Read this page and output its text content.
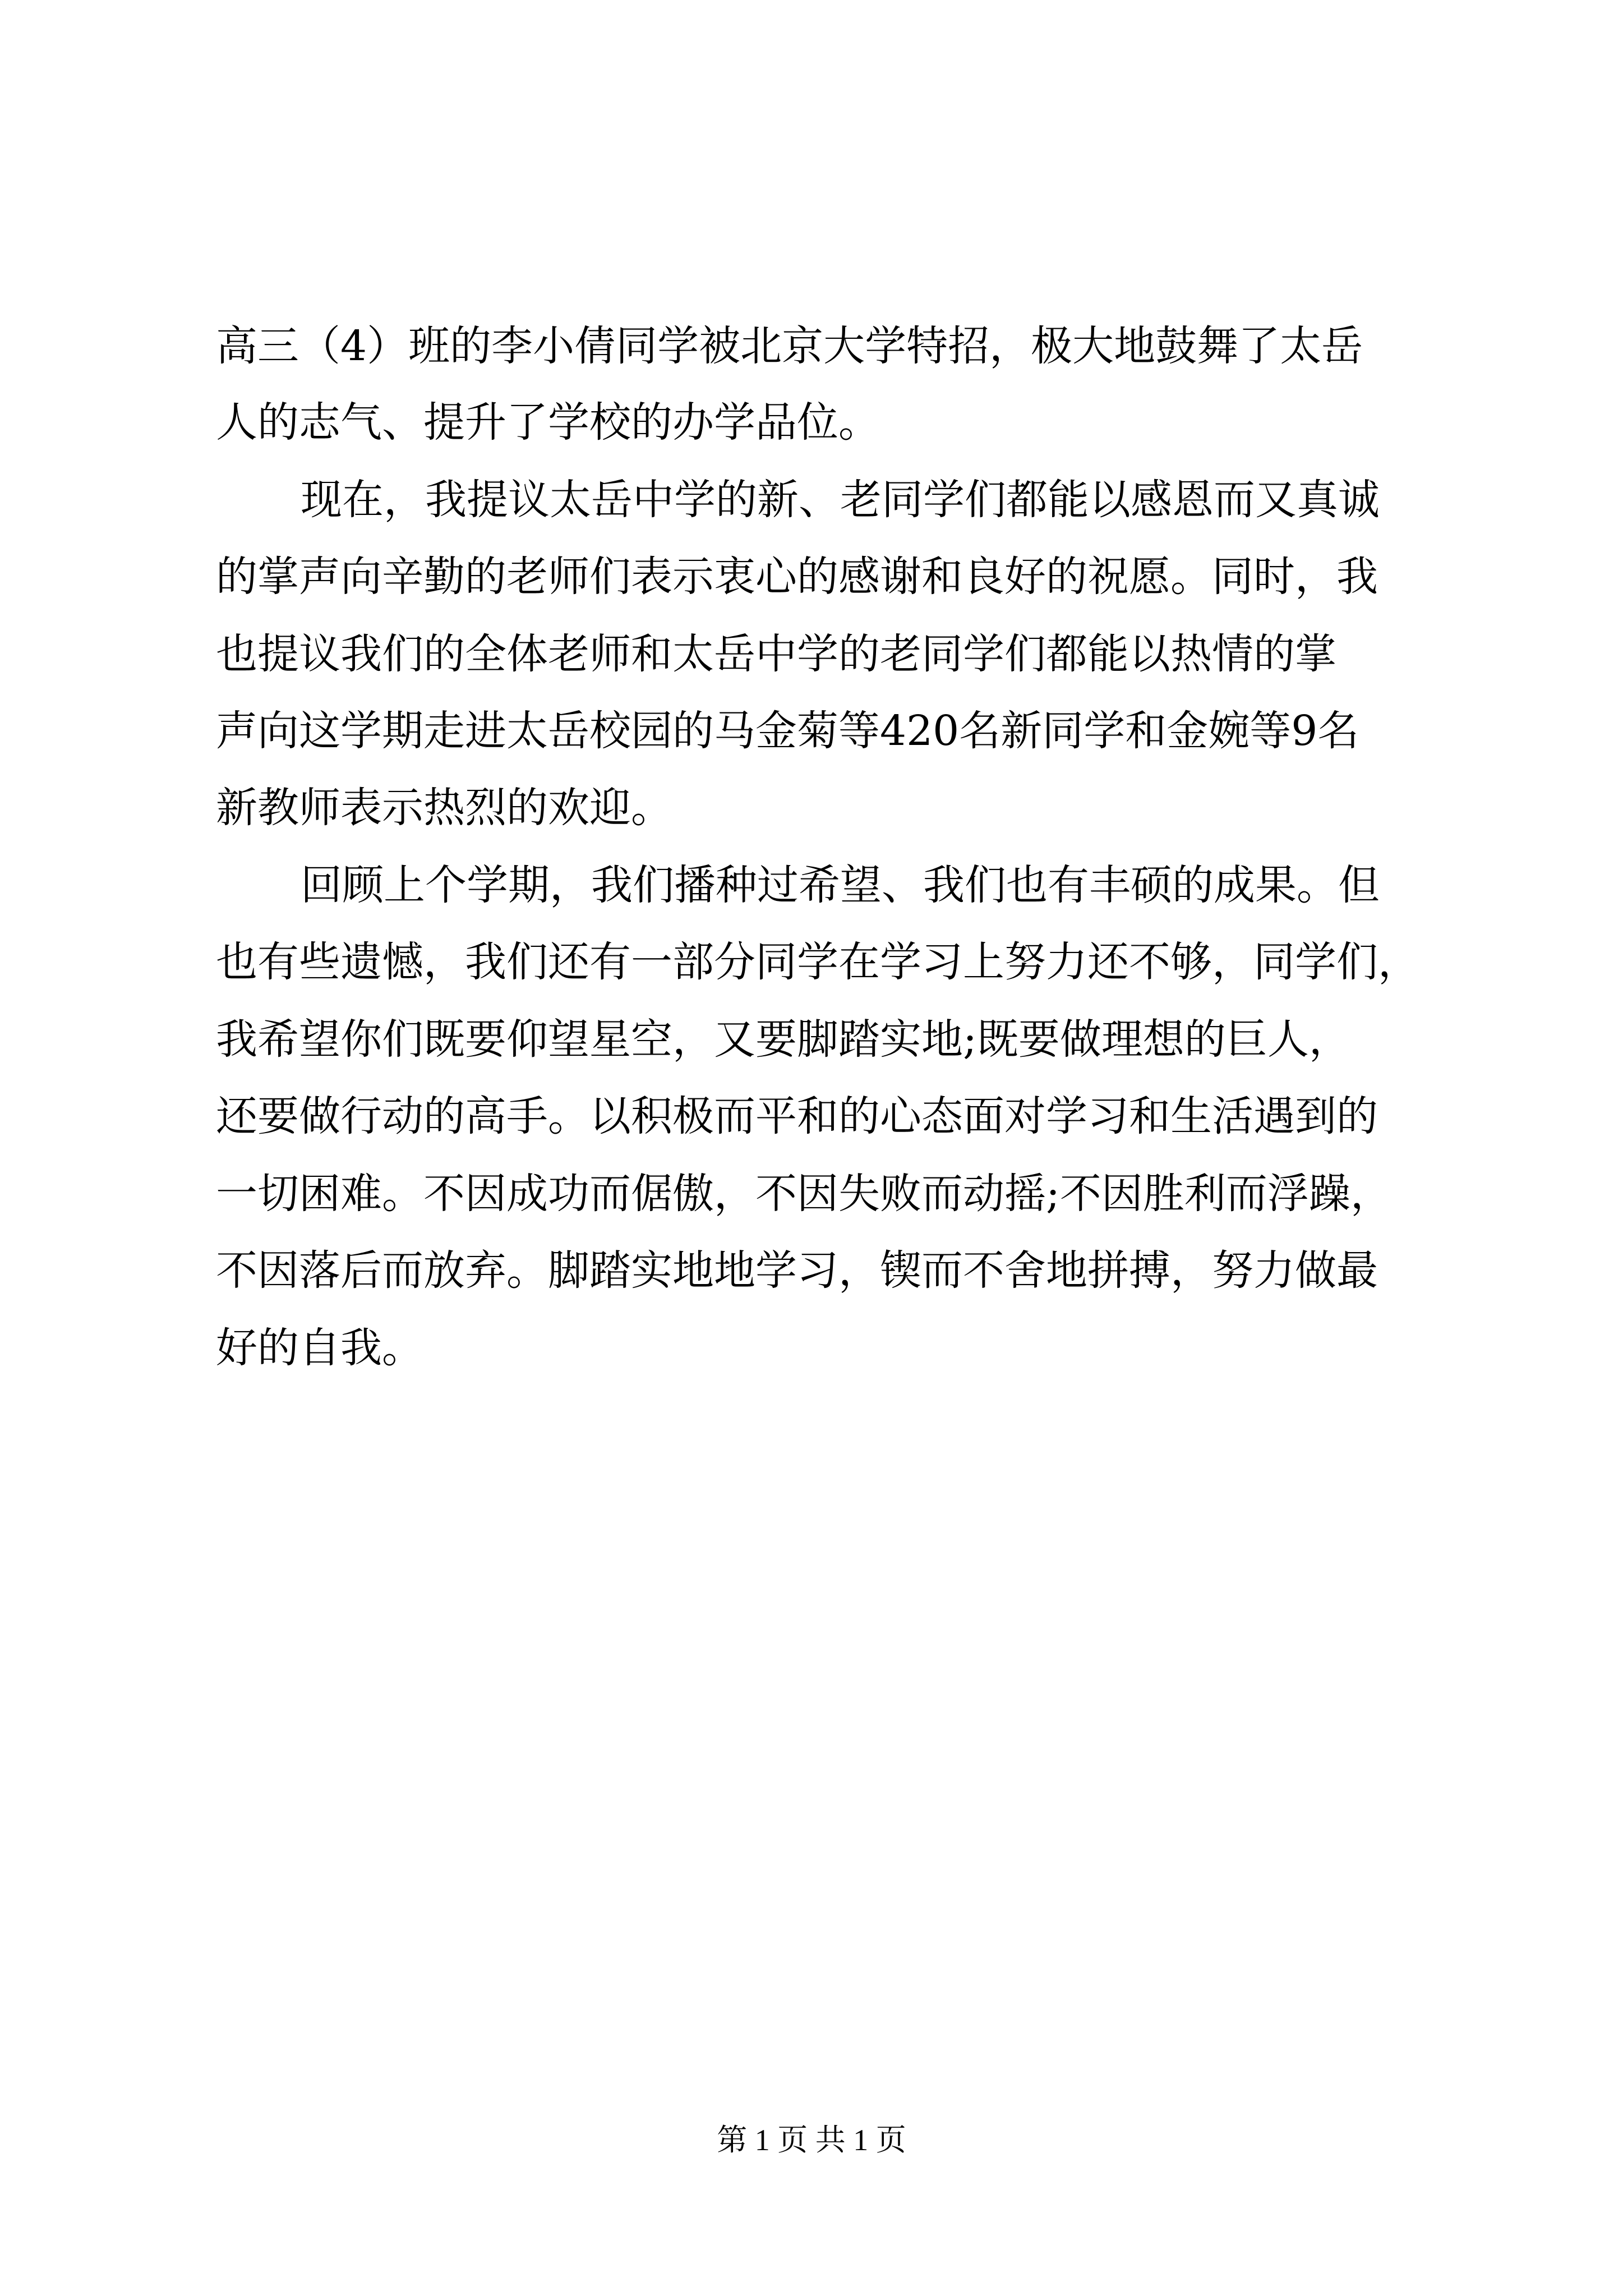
高三（4）班的李小倩同学被北京大学特招，极大地鼓舞了太岳
人的志气、提升了学校的办学品位。
现在，我提议太岳中学的新、老同学们都能以感恩而又真诚
的掌声向辛勤的老师们表示衷心的感谢和良好的祝愿。同时，我
也提议我们的全体老师和太岳中学的老同学们都能以热情的掌
声向这学期走进太岳校园的马金菊等420名新同学和金婉等9名
新教师表示热烈的欢迎。
回顾上个学期，我们播种过希望、我们也有丰硕的成果。但
也有些遗憾，我们还有一部分同学在学习上努力还不够，同学们，
我希望你们既要仰望星空，又要脚踏实地;既要做理想的巨人，
还要做行动的高手。以积极而平和的心态面对学习和生活遇到的
一切困难。不因成功而倨傲，不因失败而动摇;不因胜利而浮躁，
不因落后而放弃。脚踏实地地学习，锲而不舍地拼搏，努力做最
好的自我。
第 1 页 共 1 页
